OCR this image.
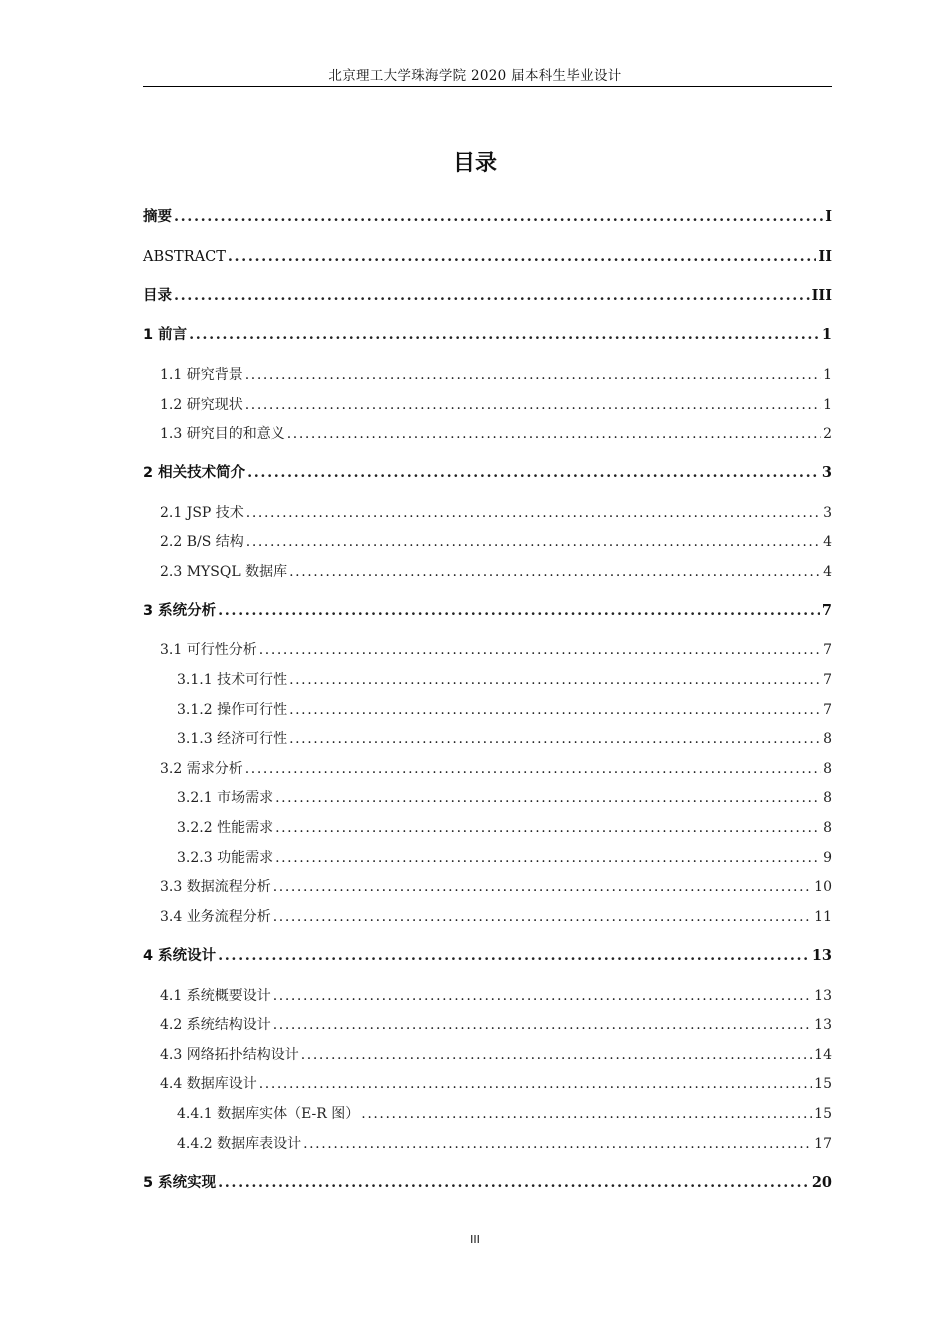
北京理工大学珠海学院 2020 届本科生毕业设计
目录
摘要 .....	I
ABSTRACT .....	II
目录 .....	III
1 前言 .....	1
1.1 研究背景 .....	1
1.2 研究现状 .....	1
1.3 研究目的和意义 .....	2
2 相关技术简介 .....	3
2.1 JSP 技术 .....	3
2.2 B/S 结构 .....	4
2.3 MYSQL 数据库 .....	4
3 系统分析 .....	7
3.1 可行性分析 .....	7
3.1.1 技术可行性 .....	7
3.1.2 操作可行性 .....	7
3.1.3 经济可行性 .....	8
3.2 需求分析 .....	8
3.2.1 市场需求 .....	8
3.2.2 性能需求 .....	8
3.2.3 功能需求 .....	9
3.3 数据流程分析 .....	10
3.4 业务流程分析 .....	11
4 系统设计 .....	13
4.1 系统概要设计 .....	13
4.2 系统结构设计 .....	13
4.3 网络拓扑结构设计 .....	14
4.4 数据库设计 .....	15
4.4.1 数据库实体（E-R 图） .....	15
4.4.2 数据库表设计 .....	17
5 系统实现 .....	20
III
